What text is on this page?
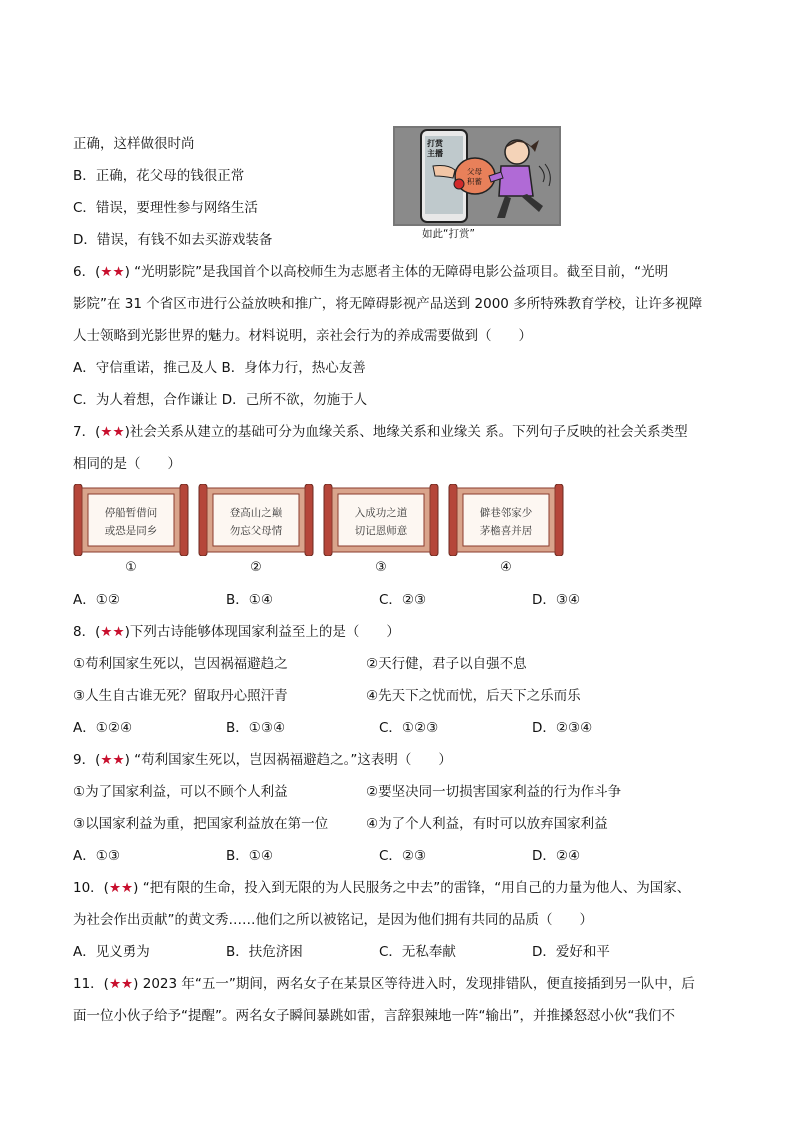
正确，这样做很时尚
B．正确，花父母的钱很正常
C．错误，要理性参与网络生活
D．错误，有钱不如去买游戏装备
打赏
主播
父母
积蓄
如此“打赏”
6．(★★) “光明影院”是我国首个以高校师生为志愿者主体的无障碍电影公益项目。截至目前，“光明
影院”在 31 个省区市进行公益放映和推广，将无障碍影视产品送到 2000 多所特殊教育学校，让许多视障
人士领略到光影世界的魅力。材料说明，亲社会行为的养成需要做到（　　）
A．守信重诺，推己及人 B．身体力行，热心友善
C．为人着想，合作谦让 D．己所不欲，勿施于人
7．(★★)社会关系从建立的基础可分为血缘关系、地缘关系和业缘关 系。下列句子反映的社会关系类型
相同的是（　　）
停船暂借问
或恐是同乡
登高山之巅
勿忘父母情
入成功之道
切记恩师意
僻巷邻家少
茅檐喜并居
①	②	③	④
A．①②	B．①④	C．②③	D．③④
8．(★★)下列古诗能够体现国家利益至上的是（　　）
①苟利国家生死以，岂因祸福避趋之	②天行健，君子以自强不息
③人生自古谁无死？留取丹心照汗青	④先天下之忧而忧，后天下之乐而乐
A．①②④	B．①③④	C．①②③	D．②③④
9．(★★) “苟利国家生死以，岂因祸福避趋之。”这表明（　　）
①为了国家利益，可以不顾个人利益	②要坚决同一切损害国家利益的行为作斗争
③以国家利益为重，把国家利益放在第一位	④为了个人利益，有时可以放弃国家利益
A．①③	B．①④	C．②③	D．②④
10．(★★) “把有限的生命，投入到无限的为人民服务之中去”的雷锋，“用自己的力量为他人、为国家、
为社会作出贡献”的黄文秀……他们之所以被铭记，是因为他们拥有共同的品质（　　）
A．见义勇为	B．扶危济困	C．无私奉献	D．爱好和平
11．(★★) 2023 年“五一”期间，两名女子在某景区等待进入时，发现排错队，便直接插到另一队中，后
面一位小伙子给予“提醒”。两名女子瞬间暴跳如雷，言辞狠辣地一阵“输出”，并推搡怒怼小伙“我们不
